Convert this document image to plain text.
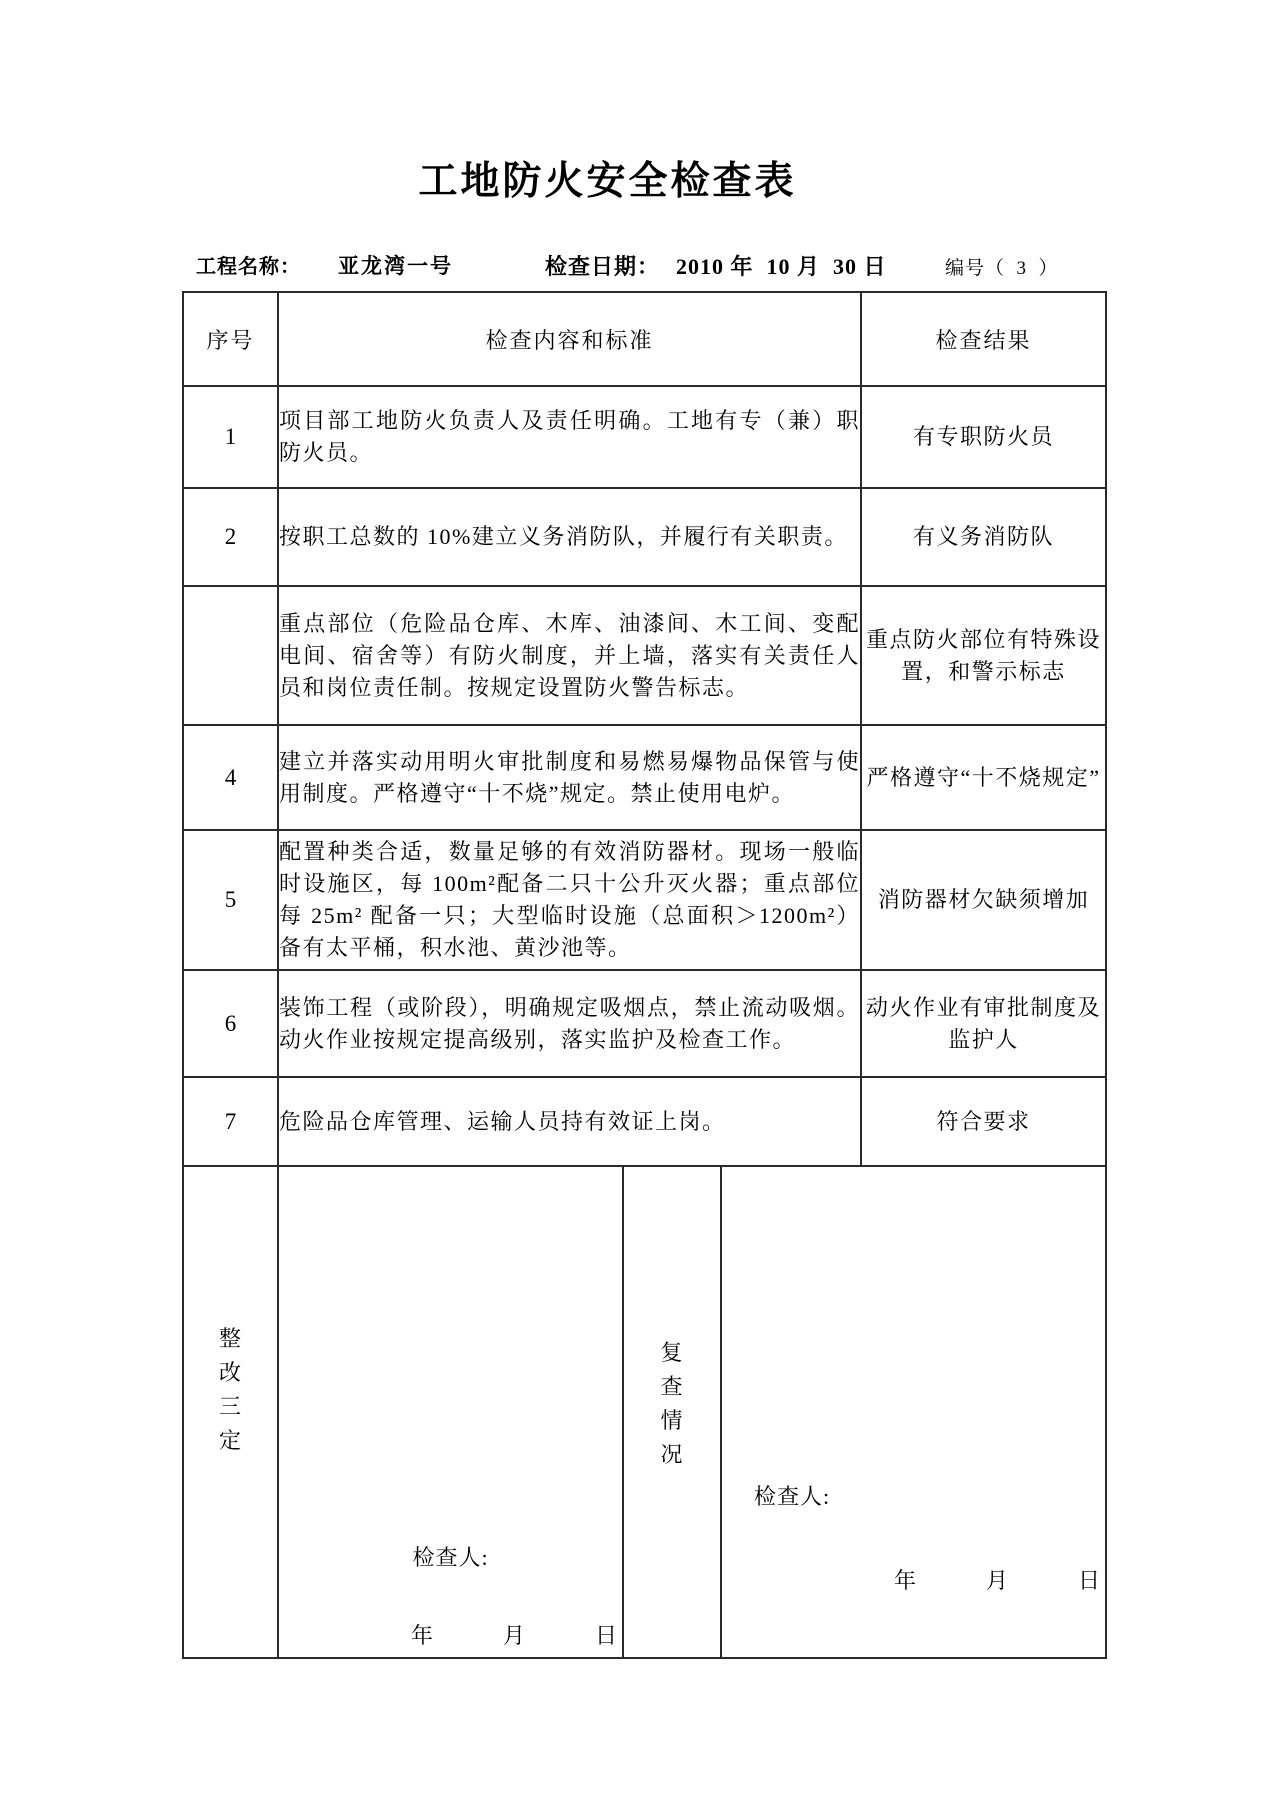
工地防火安全检查表
工程名称： 亚龙湾一号	检查日期： 2010 年  10 月  30 日	编号（  3  ）
序号	检查内容和标准	检查结果
1	项目部工地防火负责人及责任明确。工地有专（兼）职防火员。	有专职防火员
2	按职工总数的 10%建立义务消防队，并履行有关职责。	有义务消防队
	重点部位（危险品仓库、木库、油漆间、木工间、变配电间、宿舍等）有防火制度，并上墙，落实有关责任人员和岗位责任制。按规定设置防火警告标志。	重点防火部位有特殊设置，和警示标志
4	建立并落实动用明火审批制度和易燃易爆物品保管与使用制度。严格遵守“十不烧”规定。禁止使用电炉。	严格遵守“十不烧规定”
5	配置种类合适，数量足够的有效消防器材。现场一般临时设施区，每 100m²配备二只十公升灭火器；重点部位每 25m² 配备一只；大型临时设施（总面积＞1200m²）备有太平桶，积水池、黄沙池等。	消防器材欠缺须增加
6	装饰工程（或阶段），明确规定吸烟点，禁止流动吸烟。动火作业按规定提高级别，落实监护及检查工作。	动火作业有审批制度及监护人
7	危险品仓库管理、运输人员持有效证上岗。	符合要求
整改三定

检查人:
年　　　月　　　日

复查情况

检查人:
年　　　月　　　日
